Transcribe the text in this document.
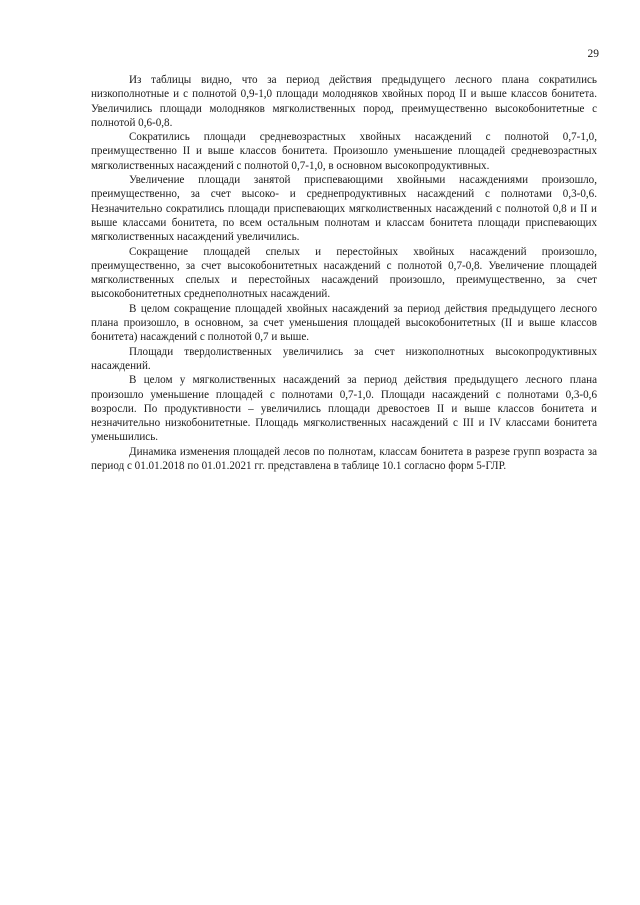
29

Из таблицы видно, что за период действия предыдущего лесного плана сократились низкополнотные и с полнотой 0,9-1,0 площади молодняков хвойных пород II и выше классов бонитета. Увеличились площади молодняков мягколиственных пород, преимущественно высокобонитетные с полнотой 0,6-0,8.

Сократились площади средневозрастных хвойных насаждений с полнотой 0,7-1,0, преимущественно II и выше классов бонитета. Произошло уменьшение площадей средневозрастных мягколиственных насаждений с полнотой 0,7-1,0, в основном высокопродуктивных.

Увеличение площади занятой приспевающими хвойными насаждениями произошло, преимущественно, за счет высоко- и среднепродуктивных насаждений с полнотами 0,3-0,6. Незначительно сократились площади приспевающих мягколиственных насаждений с полнотой 0,8 и II и выше классами бонитета, по всем остальным полнотам и классам бонитета площади приспевающих мягколиственных насаждений увеличились.

Сокращение площадей спелых и перестойных хвойных насаждений произошло, преимущественно, за счет высокобонитетных насаждений с полнотой 0,7-0,8. Увеличение площадей мягколиственных спелых и перестойных насаждений произошло, преимущественно, за счет высокобонитетных среднеполнотных насаждений.

В целом сокращение площадей хвойных насаждений за период действия предыдущего лесного плана произошло, в основном, за счет уменьшения площадей высокобонитетных (II и выше классов бонитета) насаждений с полнотой 0,7 и выше.

Площади твердолиственных увеличились за счет низкополнотных высокопродуктивных насаждений.

В целом у мягколиственных насаждений за период действия предыдущего лесного плана произошло уменьшение площадей с полнотами 0,7-1,0. Площади насаждений с полнотами 0,3-0,6 возросли. По продуктивности – увеличились площади древостоев II и выше классов бонитета и незначительно низкобонитетные. Площадь мягколиственных насаждений с III и IV классами бонитета уменьшились.

Динамика изменения площадей лесов по полнотам, классам бонитета в разрезе групп возраста за период с 01.01.2018 по 01.01.2021 гг. представлена в таблице 10.1 согласно форм 5-ГЛР.
